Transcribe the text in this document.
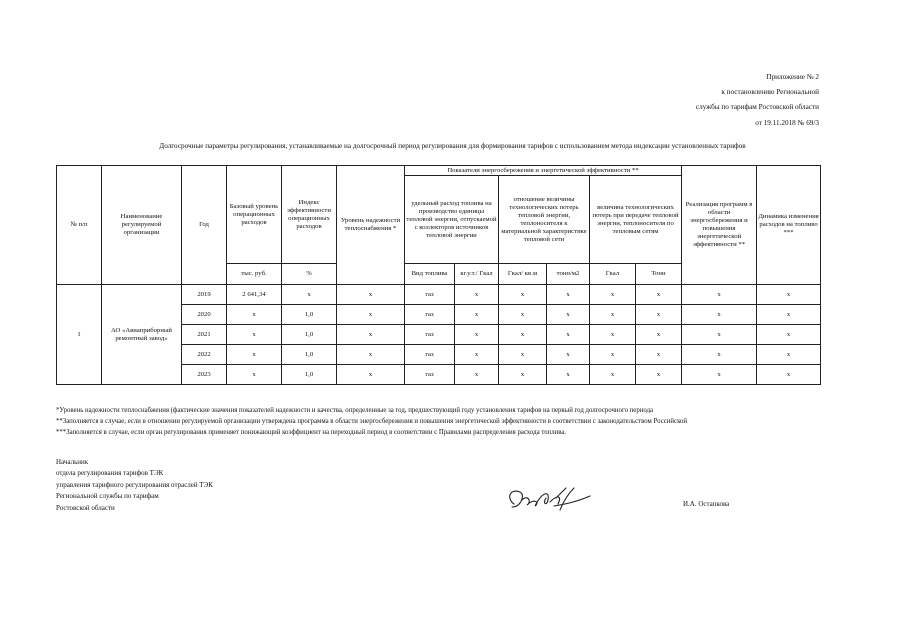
Приложение № 2
к постановлению Региональной
службы по тарифам Ростовской области
от 19.11.2018 № 69/3
Долгосрочные параметры регулирования, устанавливаемые на долгосрочный период регулирования для формирования тарифов с использованием метода индексации установленных тарифов
№ п/п	Наименование регулируемой организации	Год	Базовый уровень операционных расходов	Индекс эффективности операционных расходов	Уровень надежности теплоснабжения *	Показатели энергосбережения и энергетической эффективности **						Реализация программ в области энергосбережения и повышения энергетической эффективности **	Динамика изменения расходов на топливо ***
						удельный расход топлива на производство единицы тепловой энергии, отпускаемой с коллекторов источников тепловой энергии		отношение величины технологических потерь тепловой энергии, теплоносителя к материальной характеристике тепловой сети		величина технологических потерь при передаче тепловой энергии, теплоносителя по тепловым сетям			
			тыс. руб.	%		Вид топлива	кг.у.т./ Гкал	Гкал/ кв.м	тонн/м2	Гкал	Тонн		
1	АО «Авиаприборный ремонтный завод»	2019	2 641,34	x	x	газ	x	x	x	x	x	x	x
		2020	x	1,0	x	газ	x	x	x	x	x	x	x
		2021	x	1,0	x	газ	x	x	x	x	x	x	x
		2022	x	1,0	x	газ	x	x	x	x	x	x	x
		2023	x	1,0	x	газ	x	x	x	x	x	x	x
*Уровень надежности теплоснабжения (фактические значения показателей надежности и качества, определенные за год, предшествующий году установления тарифов на первый год долгосрочного периода
**Заполняется в случае, если в отношении регулируемой организации утверждена программа в области энергосбережения и повышения энергетической эффективности в соответствии с законодательством Российской
***Заполняется в случае, если орган регулирования применяет понижающий коэффициент на переходный период в соответствии с Правилами распределения расхода топлива.
Начальник
отдела регулирования тарифов ТЭК
управления тарифного регулирования отраслей ТЭК
Региональной службы по тарифам
Ростовской области	И.А. Остапкова
